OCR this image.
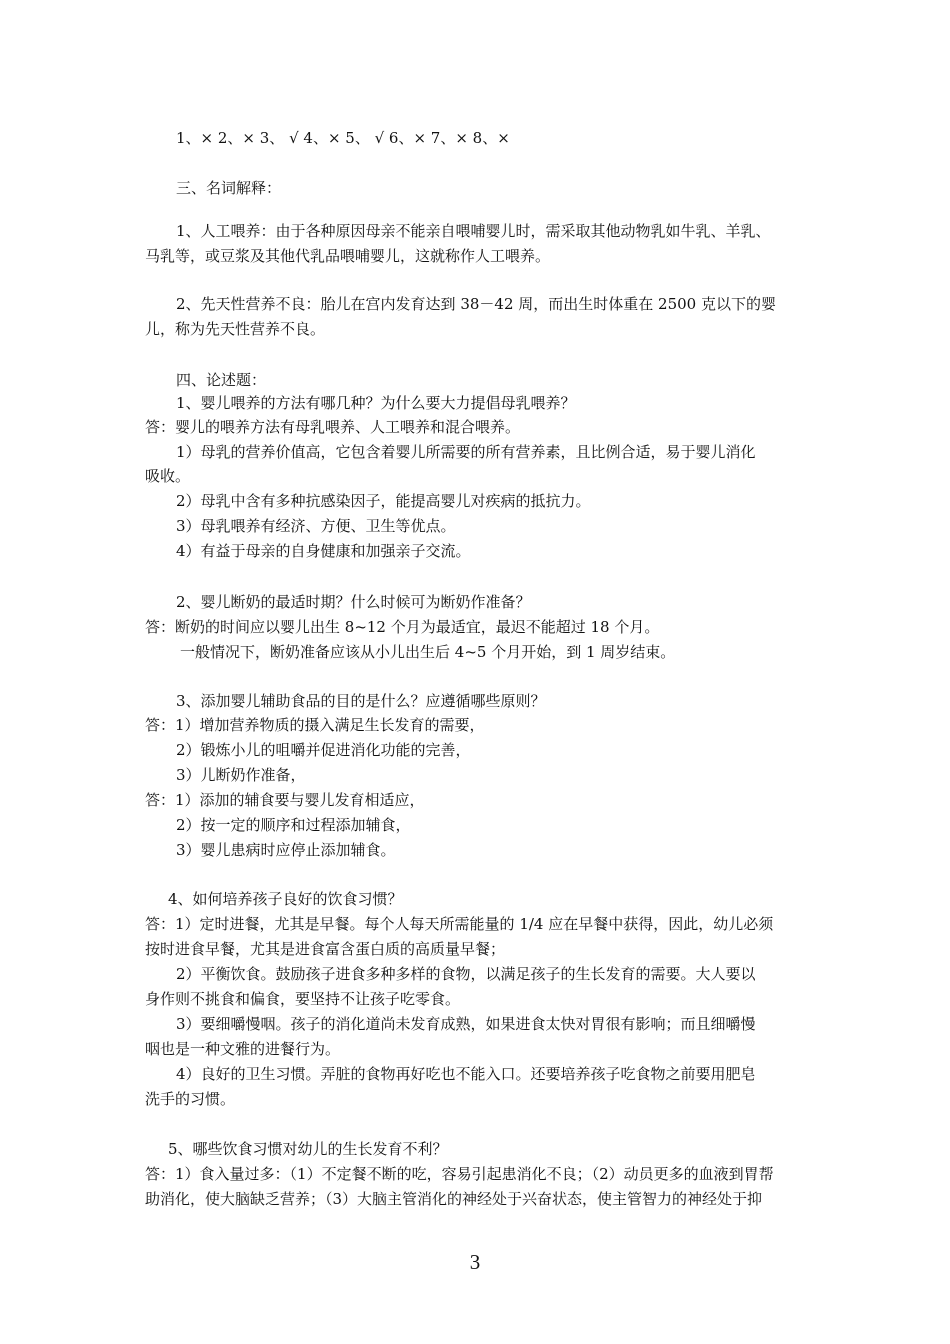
1、× 2、× 3、 √ 4、× 5、 √ 6、× 7、× 8、×
三、名词解释：
1、人工喂养：由于各种原因母亲不能亲自喂哺婴儿时，需采取其他动物乳如牛乳、羊乳、
马乳等，或豆浆及其他代乳品喂哺婴儿，这就称作人工喂养。
2、先天性营养不良：胎儿在宫内发育达到 38－42 周，而出生时体重在 2500 克以下的婴
儿，称为先天性营养不良。
四、论述题：
1、婴儿喂养的方法有哪几种？为什么要大力提倡母乳喂养？
答：婴儿的喂养方法有母乳喂养、人工喂养和混合喂养。
1）母乳的营养价值高，它包含着婴儿所需要的所有营养素，且比例合适，易于婴儿消化
吸收。
2）母乳中含有多种抗感染因子，能提高婴儿对疾病的抵抗力。
3）母乳喂养有经济、方便、卫生等优点。
4）有益于母亲的自身健康和加强亲子交流。
2、婴儿断奶的最适时期？什么时候可为断奶作准备？
答：断奶的时间应以婴儿出生 8~12 个月为最适宜，最迟不能超过 18 个月。
一般情况下，断奶准备应该从小儿出生后 4~5 个月开始，到 1 周岁结束。
3、添加婴儿辅助食品的目的是什么？应遵循哪些原则？
答：1）增加营养物质的摄入满足生长发育的需要，
2）锻炼小儿的咀嚼并促进消化功能的完善，
3）儿断奶作准备，
答：1）添加的辅食要与婴儿发育相适应，
2）按一定的顺序和过程添加辅食，
3）婴儿患病时应停止添加辅食。
4、如何培养孩子良好的饮食习惯？
答：1）定时进餐，尤其是早餐。每个人每天所需能量的 1/4 应在早餐中获得，因此，幼儿必须
按时进食早餐，尤其是进食富含蛋白质的高质量早餐；
2）平衡饮食。鼓励孩子进食多种多样的食物，以满足孩子的生长发育的需要。大人要以
身作则不挑食和偏食，要坚持不让孩子吃零食。
3）要细嚼慢咽。孩子的消化道尚未发育成熟，如果进食太快对胃很有影响；而且细嚼慢
咽也是一种文雅的进餐行为。
4）良好的卫生习惯。弄脏的食物再好吃也不能入口。还要培养孩子吃食物之前要用肥皂
洗手的习惯。
5、哪些饮食习惯对幼儿的生长发育不利？
答：1）食入量过多：（1）不定餐不断的吃，容易引起患消化不良；（2）动员更多的血液到胃帮
助消化，使大脑缺乏营养；（3）大脑主管消化的神经处于兴奋状态，使主管智力的神经处于抑
3
